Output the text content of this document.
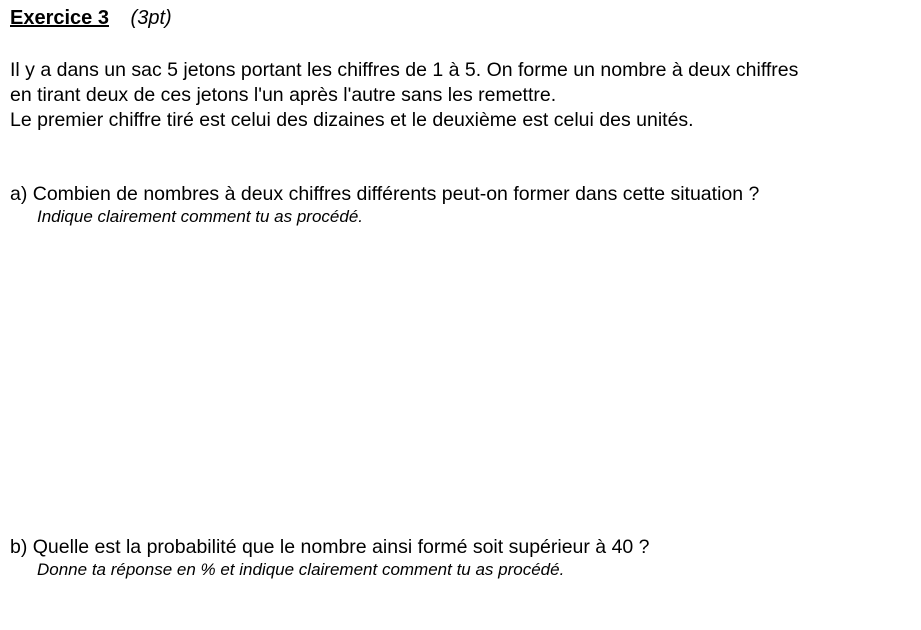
Exercice 3 (3pt)

Il y a dans un sac 5 jetons portant les chiffres de 1 à 5. On forme un nombre à deux chiffres

en tirant deux de ces jetons l'un après l'autre sans les remettre.

Le premier chiffre tiré est celui des dizaines et le deuxième est celui des unités.

a) Combien de nombres à deux chiffres différents peut-on former dans cette situation ?
Indique clairement comment tu as procédé.
b) Quelle est la probabilité que le nombre ainsi formé soit supérieur à 40 ?
Donne ta réponse en % et indique clairement comment tu as procédé.
